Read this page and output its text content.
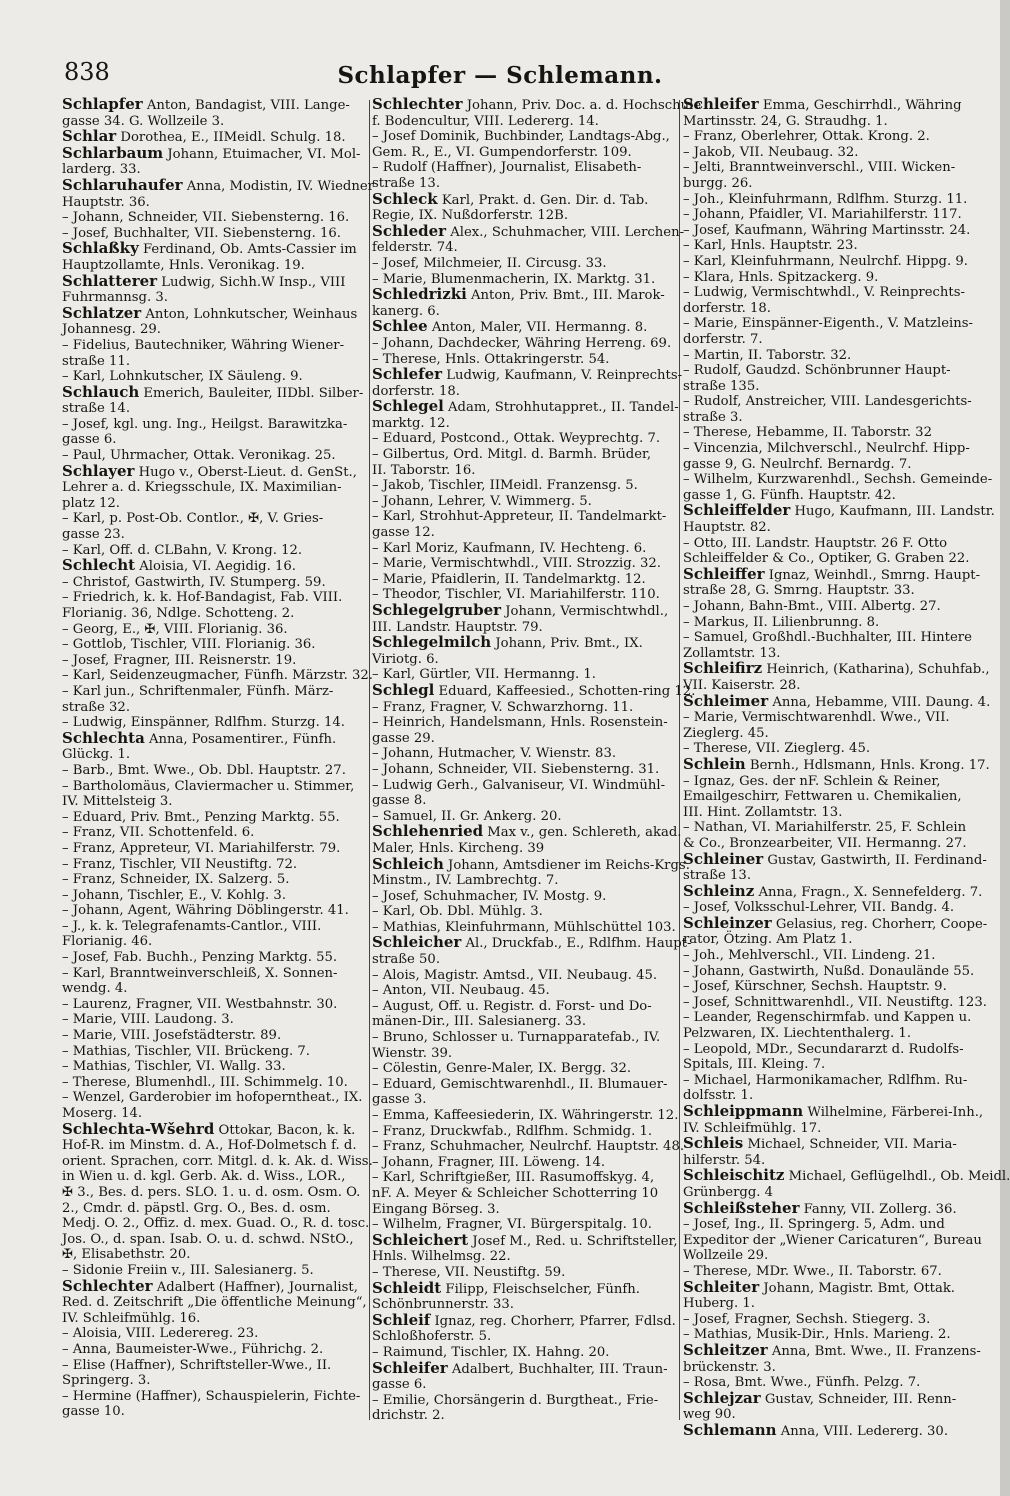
838	Schlapfer — Schlemann.
Schlapfer Anton, Bandagist, VIII. Lange-
gasse 34. G. Wollzeile 3.
Schlar Dorothea, E., IIMeidl. Schulg. 18.
Schlarbaum Johann, Etuimacher, VI. Mol-
larderg. 33.
Schlaruhaufer Anna, Modistin, IV. Wiedner
Hauptstr. 36.
– Johann, Schneider, VII. Siebensterng. 16.
– Josef, Buchhalter, VII. Siebensterng. 16.
Schlaßky Ferdinand, Ob. Amts-Cassier im
Hauptzollamte, Hnls. Veronikag. 19.
Schlatterer Ludwig, Sichh.W Insp., VIII
Fuhrmannsg. 3.
Schlatzer Anton, Lohnkutscher, Weinhaus
Johannesg. 29.
– Fidelius, Bautechniker, Währing Wiener-
straße 11.
– Karl, Lohnkutscher, IX Säuleng. 9.
Schlauch Emerich, Bauleiter, IIDbl. Silber-
straße 14.
– Josef, kgl. ung. Ing., Heilgst. Barawitzka-
gasse 6.
– Paul, Uhrmacher, Ottak. Veronikag. 25.
Schlayer Hugo v., Oberst-Lieut. d. GenSt.,
Lehrer a. d. Kriegsschule, IX. Maximilian-
platz 12.
– Karl, p. Post-Ob. Contlor., ✠, V. Gries-
gasse 23.
– Karl, Off. d. CLBahn, V. Krong. 12.
Schlecht Aloisia, VI. Aegidig. 16.
– Christof, Gastwirth, IV. Stumperg. 59.
– Friedrich, k. k. Hof-Bandagist, Fab. VIII.
Florianig. 36, Ndlge. Schotteng. 2.
– Georg, E., ✠, VIII. Florianig. 36.
– Gottlob, Tischler, VIII. Florianig. 36.
– Josef, Fragner, III. Reisnerstr. 19.
– Karl, Seidenzeugmacher, Fünfh. Märzstr. 32.
– Karl jun., Schriftenmaler, Fünfh. März-
straße 32.
– Ludwig, Einspänner, Rdlfhm. Sturzg. 14.
Schlechta Anna, Posamentirer., Fünfh.
Glückg. 1.
– Barb., Bmt. Wwe., Ob. Dbl. Hauptstr. 27.
– Bartholomäus, Claviermacher u. Stimmer,
IV. Mittelsteig 3.
– Eduard, Priv. Bmt., Penzing Marktg. 55.
– Franz, VII. Schottenfeld. 6.
– Franz, Appreteur, VI. Mariahilferstr. 79.
– Franz, Tischler, VII Neustiftg. 72.
– Franz, Schneider, IX. Salzerg. 5.
– Johann, Tischler, E., V. Kohlg. 3.
– Johann, Agent, Währing Döblingerstr. 41.
– J., k. k. Telegrafenamts-Cantlor., VIII.
Florianig. 46.
– Josef, Fab. Buchh., Penzing Marktg. 55.
– Karl, Branntweinverschleiß, X. Sonnen-
wendg. 4.
– Laurenz, Fragner, VII. Westbahnstr. 30.
– Marie, VIII. Laudong. 3.
– Marie, VIII. Josefstädterstr. 89.
– Mathias, Tischler, VII. Brückeng. 7.
– Mathias, Tischler, VI. Wallg. 33.
– Therese, Blumenhdl., III. Schimmelg. 10.
– Wenzel, Garderobier im hofoperntheat., IX.
Moserg. 14.
Schlechta-Wšehrd Ottokar, Bacon, k. k.
Hof-R. im Minstm. d. A., Hof-Dolmetsch f. d.
orient. Sprachen, corr. Mitgl. d. k. Ak. d. Wiss.
in Wien u. d. kgl. Gerb. Ak. d. Wiss., LOR.,
✠ 3., Bes. d. pers. SLO. 1. u. d. osm. Osm. O.
2., Cmdr. d. päpstl. Grg. O., Bes. d. osm.
Medj. O. 2., Offiz. d. mex. Guad. O., R. d. tosc.
Jos. O., d. span. Isab. O. u. d. schwd. NStO.,
✠, Elisabethstr. 20.
– Sidonie Freiin v., III. Salesianerg. 5.
Schlechter Adalbert (Haffner), Journalist,
Red. d. Zeitschrift „Die öffentliche Meinung“,
IV. Schleifmühlg. 16.
– Aloisia, VIII. Lederereg. 23.
– Anna, Baumeister-Wwe., Führichg. 2.
– Elise (Haffner), Schriftsteller-Wwe., II.
Springerg. 3.
– Hermine (Haffner), Schauspielerin, Fichte-
gasse 10.
Schlechter Johann, Priv. Doc. a. d. Hochschule
f. Bodencultur, VIII. Ledererg. 14.
– Josef Dominik, Buchbinder, Landtags-Abg.,
Gem. R., E., VI. Gumpendorferstr. 109.
– Rudolf (Haffner), Journalist, Elisabeth-
straße 13.
Schleck Karl, Prakt. d. Gen. Dir. d. Tab.
Regie, IX. Nußdorferstr. 12B.
Schleder Alex., Schuhmacher, VIII. Lerchen-
felderstr. 74.
– Josef, Milchmeier, II. Circusg. 33.
– Marie, Blumenmacherin, IX. Marktg. 31.
Schledrizki Anton, Priv. Bmt., III. Marok-
kanerg. 6.
Schlee Anton, Maler, VII. Hermanng. 8.
– Johann, Dachdecker, Währing Herreng. 69.
– Therese, Hnls. Ottakringerstr. 54.
Schlefer Ludwig, Kaufmann, V. Reinprechts-
dorferstr. 18.
Schlegel Adam, Strohhutappret., II. Tandel-
marktg. 12.
– Eduard, Postcond., Ottak. Weyprechtg. 7.
– Gilbertus, Ord. Mitgl. d. Barmh. Brüder,
II. Taborstr. 16.
– Jakob, Tischler, IIMeidl. Franzensg. 5.
– Johann, Lehrer, V. Wimmerg. 5.
– Karl, Strohhut-Appreteur, II. Tandelmarkt-
gasse 12.
– Karl Moriz, Kaufmann, IV. Hechteng. 6.
– Marie, Vermischtwhdl., VIII. Strozzig. 32.
– Marie, Pfaidlerin, II. Tandelmarktg. 12.
– Theodor, Tischler, VI. Mariahilferstr. 110.
Schlegelgruber Johann, Vermischtwhdl.,
III. Landstr. Hauptstr. 79.
Schlegelmilch Johann, Priv. Bmt., IX.
Viriotg. 6.
– Karl, Gürtler, VII. Hermanng. 1.
Schlegl Eduard, Kaffeesied., Schotten-ring 12.
– Franz, Fragner, V. Schwarzhorng. 11.
– Heinrich, Handelsmann, Hnls. Rosenstein-
gasse 29.
– Johann, Hutmacher, V. Wienstr. 83.
– Johann, Schneider, VII. Siebensterng. 31.
– Ludwig Gerh., Galvaniseur, VI. Windmühl-
gasse 8.
– Samuel, II. Gr. Ankerg. 20.
Schlehenried Max v., gen. Schlereth, akad.
Maler, Hnls. Kircheng. 39
Schleich Johann, Amtsdiener im Reichs-Krgs.
Minstm., IV. Lambrechtg. 7.
– Josef, Schuhmacher, IV. Mostg. 9.
– Karl, Ob. Dbl. Mühlg. 3.
– Mathias, Kleinfuhrmann, Mühlschüttel 103.
Schleicher Al., Druckfab., E., Rdlfhm. Haupt-
straße 50.
– Alois, Magistr. Amtsd., VII. Neubaug. 45.
– Anton, VII. Neubaug. 45.
– August, Off. u. Registr. d. Forst- und Do-
mänen-Dir., III. Salesianerg. 33.
– Bruno, Schlosser u. Turnapparatefab., IV.
Wienstr. 39.
– Cölestin, Genre-Maler, IX. Bergg. 32.
– Eduard, Gemischtwarenhdl., II. Blumauer-
gasse 3.
– Emma, Kaffeesiederin, IX. Währingerstr. 12.
– Franz, Druckwfab., Rdlfhm. Schmidg. 1.
– Franz, Schuhmacher, Neulrchf. Hauptstr. 48.
– Johann, Fragner, III. Löweng. 14.
– Karl, Schriftgießer, III. Rasumoffskyg. 4,
nF. A. Meyer & Schleicher Schotterring 10
Eingang Börseg. 3.
– Wilhelm, Fragner, VI. Bürgerspitalg. 10.
Schleichert Josef M., Red. u. Schriftsteller,
Hnls. Wilhelmsg. 22.
– Therese, VII. Neustiftg. 59.
Schleidt Filipp, Fleischselcher, Fünfh.
Schönbrunnerstr. 33.
Schleif Ignaz, reg. Chorherr, Pfarrer, Fdlsd.
Schloßhoferstr. 5.
– Raimund, Tischler, IX. Hahng. 20.
Schleifer Adalbert, Buchhalter, III. Traun-
gasse 6.
– Emilie, Chorsängerin d. Burgtheat., Frie-
drichstr. 2.
Schleifer Emma, Geschirrhdl., Währing
Martinsstr. 24, G. Straudhg. 1.
– Franz, Oberlehrer, Ottak. Krong. 2.
– Jakob, VII. Neubaug. 32.
– Jelti, Branntweinverschl., VIII. Wicken-
burgg. 26.
– Joh., Kleinfuhrmann, Rdlfhm. Sturzg. 11.
– Johann, Pfaidler, VI. Mariahilferstr. 117.
– Josef, Kaufmann, Währing Martinsstr. 24.
– Karl, Hnls. Hauptstr. 23.
– Karl, Kleinfuhrmann, Neulrchf. Hippg. 9.
– Klara, Hnls. Spitzackerg. 9.
– Ludwig, Vermischtwhdl., V. Reinprechts-
dorferstr. 18.
– Marie, Einspänner-Eigenth., V. Matzleins-
dorferstr. 7.
– Martin, II. Taborstr. 32.
– Rudolf, Gaudzd. Schönbrunner Haupt-
straße 135.
– Rudolf, Anstreicher, VIII. Landesgerichts-
straße 3.
– Therese, Hebamme, II. Taborstr. 32
– Vincenzia, Milchverschl., Neulrchf. Hipp-
gasse 9, G. Neulrchf. Bernardg. 7.
– Wilhelm, Kurzwarenhdl., Sechsh. Gemeinde-
gasse 1, G. Fünfh. Hauptstr. 42.
Schleiffelder Hugo, Kaufmann, III. Landstr.
Hauptstr. 82.
– Otto, III. Landstr. Hauptstr. 26 F. Otto
Schleiffelder & Co., Optiker, G. Graben 22.
Schleiffer Ignaz, Weinhdl., Smrng. Haupt-
straße 28, G. Smrng. Hauptstr. 33.
– Johann, Bahn-Bmt., VIII. Albertg. 27.
– Markus, II. Lilienbrunng. 8.
– Samuel, Großhdl.-Buchhalter, III. Hintere
Zollamtstr. 13.
Schleifirz Heinrich, (Katharina), Schuhfab.,
VII. Kaiserstr. 28.
Schleimer Anna, Hebamme, VIII. Daung. 4.
– Marie, Vermischtwarenhdl. Wwe., VII.
Zieglerg. 45.
– Therese, VII. Zieglerg. 45.
Schlein Bernh., Hdlsmann, Hnls. Krong. 17.
– Ignaz, Ges. der nF. Schlein & Reiner,
Emailgeschirr, Fettwaren u. Chemikalien,
III. Hint. Zollamtstr. 13.
– Nathan, VI. Mariahilferstr. 25, F. Schlein
& Co., Bronzearbeiter, VII. Hermanng. 27.
Schleiner Gustav, Gastwirth, II. Ferdinand-
straße 13.
Schleinz Anna, Fragn., X. Sennefelderg. 7.
– Josef, Volksschul-Lehrer, VII. Bandg. 4.
Schleinzer Gelasius, reg. Chorherr, Coope-
rator, Ötzing. Am Platz 1.
– Joh., Mehlverschl., VII. Lindeng. 21.
– Johann, Gastwirth, Nußd. Donaulände 55.
– Josef, Kürschner, Sechsh. Hauptstr. 9.
– Josef, Schnittwarenhdl., VII. Neustiftg. 123.
– Leander, Regenschirmfab. und Kappen u.
Pelzwaren, IX. Liechtenthalerg. 1.
– Leopold, MDr., Secundararzt d. Rudolfs-
Spitals, III. Kleing. 7.
– Michael, Harmonikamacher, Rdlfhm. Ru-
dolfsstr. 1.
Schleippmann Wilhelmine, Färberei-Inh.,
IV. Schleifmühlg. 17.
Schleis Michael, Schneider, VII. Maria-
hilferstr. 54.
Schleischitz Michael, Geflügelhdl., Ob. Meidl.
Grünbergg. 4
Schleißsteher Fanny, VII. Zollerg. 36.
– Josef, Ing., II. Springerg. 5, Adm. und
Expeditor der „Wiener Caricaturen“, Bureau
Wollzeile 29.
– Therese, MDr. Wwe., II. Taborstr. 67.
Schleiter Johann, Magistr. Bmt, Ottak.
Huberg. 1.
– Josef, Fragner, Sechsh. Stiegerg. 3.
– Mathias, Musik-Dir., Hnls. Marieng. 2.
Schleitzer Anna, Bmt. Wwe., II. Franzens-
brückenstr. 3.
– Rosa, Bmt. Wwe., Fünfh. Pelzg. 7.
Schlejzar Gustav, Schneider, III. Renn-
weg 90.
Schlemann Anna, VIII. Ledererg. 30.
